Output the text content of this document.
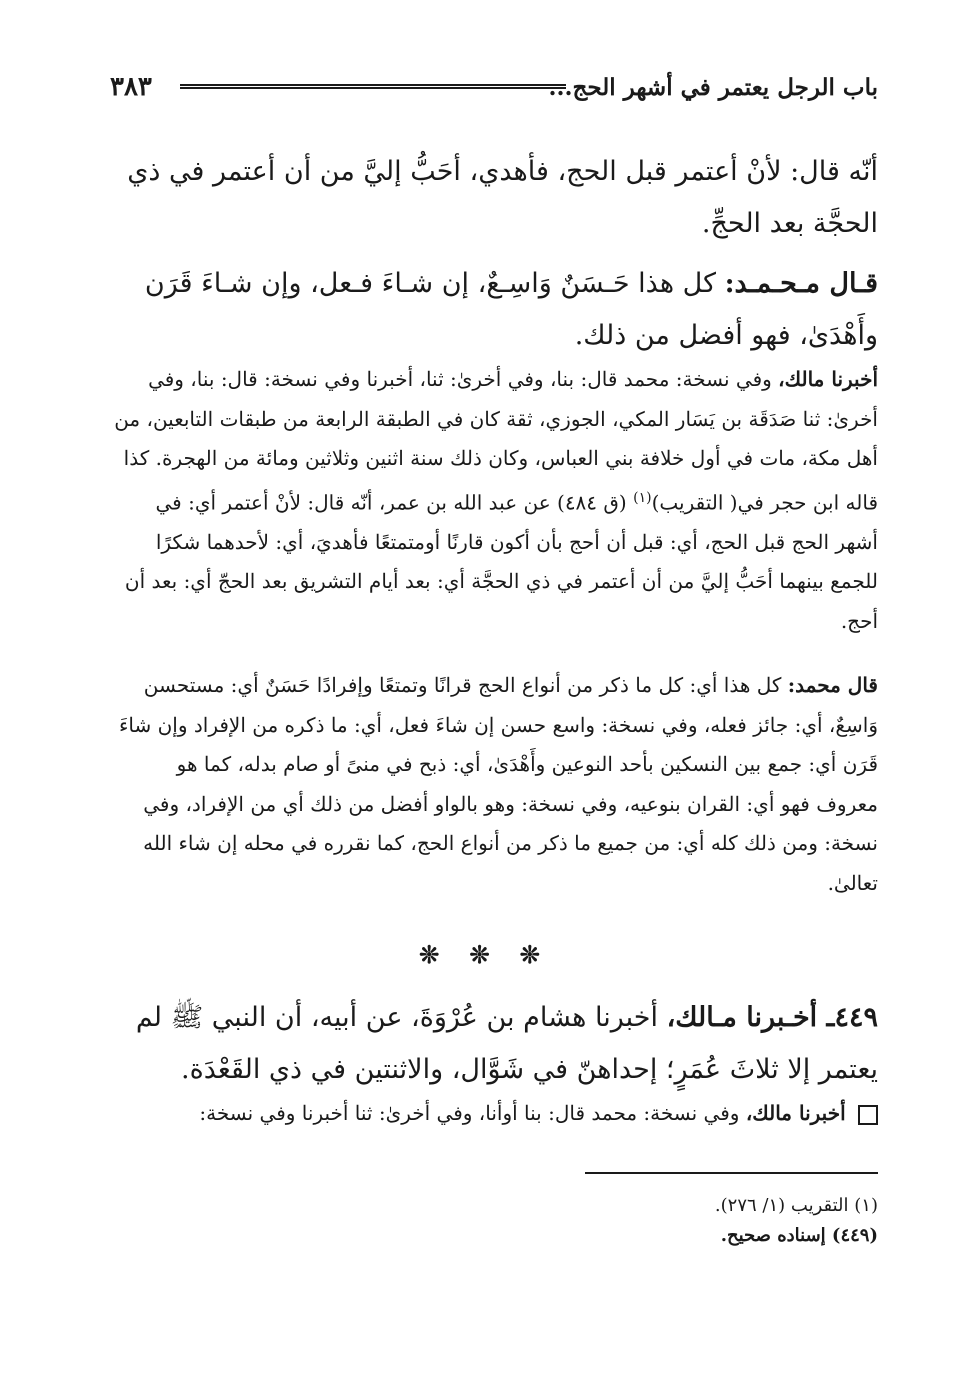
باب الرجل يعتمر في أشهر الحج...
٣٨٣
أنّه قال: لأنْ أعتمر قبل الحج، فأهدي، أحَبُّ إليَّ من أن أعتمر في ذي الحجَّة بعد الحجِّ.
قـال مـحـمـد: كل هذا حَـسَنٌ وَاسِـعٌ، إن شـاءَ فـعل، وإن شـاءَ قَرَن وأَهْدَىٰ، فهو أفضل من ذلك.
أخبرنا مالك، وفي نسخة: محمد قال: بنا، وفي أخرىٰ: ثنا، أخبرنا وفي نسخة: قال: بنا، وفي أخرىٰ: ثنا صَدَقَة بن يَسَار المكي، الجوزي، ثقة كان في الطبقة الرابعة من طبقات التابعين، من أهل مكة، مات في أول خلافة بني العباس، وكان ذلك سنة اثنين وثلاثين ومائة من الهجرة. كذا قاله ابن حجر في( التقريب)$^{(١)}$ (ق ٤٨٤) عن عبد الله بن عمر، أنّه قال: لأنْ أعتمر أي: في أشهر الحج قبل الحج، أي: قبل أن أحج بأن أكون قارنًا أومتمتعًا فأهديَ، أي: لأحدهما شكرًا للجمع بينهما أحَبُّ إليَّ من أن أعتمر في ذي الحجَّة أي: بعد أيام التشريق بعد الحجّ أي: بعد أن أحج.
قال محمد: كل هذا أي: كل ما ذكر من أنواع الحج قرانًا وتمتعًا وإفرادًا حَسَنٌ أي: مستحسن وَاسِعٌ، أي: جائز فعله، وفي نسخة: واسع حسن إن شاءَ فعل، أي: ما ذكره من الإفراد وإن شاءَ قَرَن أي: جمع بين النسكين بأحد النوعين وأَهْدَىٰ، أي: ذبح في منىً أو صام بدله، كما هو معروف فهو أي: القران بنوعيه، وفي نسخة: وهو بالواو أفضل من ذلك أي من الإفراد، وفي نسخة: ومن ذلك كله أي: من جميع ما ذكر من أنواع الحج، كما نقرره في محله إن شاء الله تعالىٰ.
❊ ❊ ❊
٤٤٩ـ أخـبرنا مـالك، أخبرنا هشام بن عُرْوَةَ، عن أبيه، أن النبي ﷺ لم يعتمر إلا ثلاثَ عُمَرٍ؛ إحداهنّ في شَوَّال، والاثنتين في ذي القَعْدَة.
أخبرنا مالك، وفي نسخة: محمد قال: بنا أوأنا، وفي أخرىٰ: ثنا أخبرنا وفي نسخة:
(١) التقريب (١/ ٢٧٦).
(٤٤٩) إسناده صحيح.
